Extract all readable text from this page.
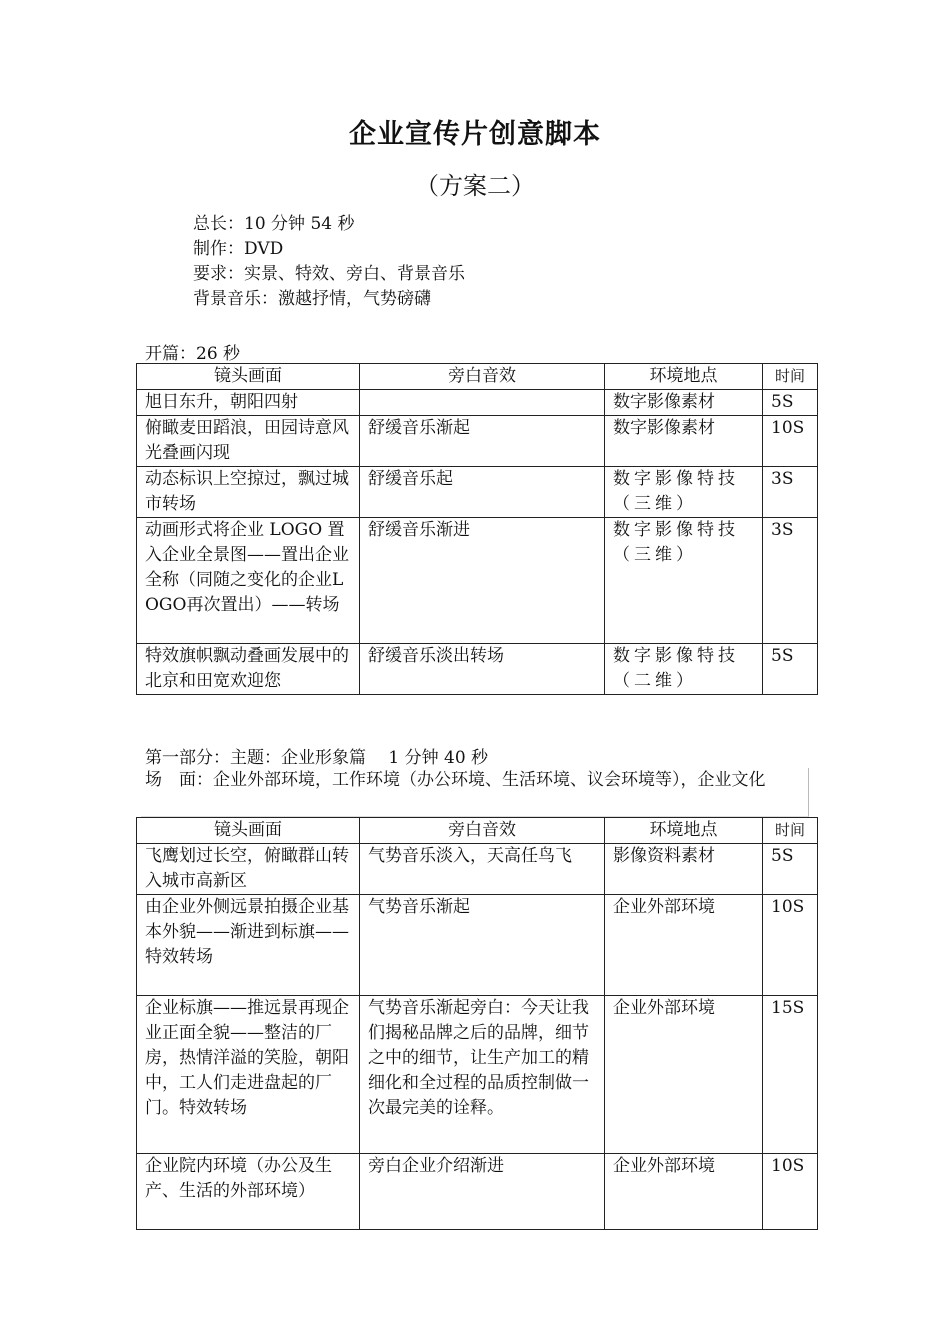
企业宣传片创意脚本
（方案二）
总长：10 分钟 54 秒
制作：DVD
要求：实景、特效、旁白、背景音乐
背景音乐：激越抒情，气势磅礴
开篇：26 秒
镜头画面	旁白音效	环境地点	时间
旭日东升，朝阳四射		数字影像素材	5S
俯瞰麦田蹈浪，田园诗意风光叠画闪现	舒缓音乐渐起	数字影像素材	10S
动态标识上空掠过，飘过城市转场	舒缓音乐起	数字影像特技（三维）	3S
动画形式将企业 LOGO 置入企业全景图——置出企业全称（同随之变化的企业LOGO再次置出）——转场	舒缓音乐渐进	数字影像特技（三维）	3S
特效旗帜飘动叠画发展中的北京和田宽欢迎您	舒缓音乐淡出转场	数字影像特技（二维）	5S
第一部分：主题：企业形象篇　 1 分钟 40 秒
场　面：企业外部环境，工作环境（办公环境、生活环境、议会环境等），企业文化
镜头画面	旁白音效	环境地点	时间
飞鹰划过长空，俯瞰群山转入城市高新区	气势音乐淡入，天高任鸟飞	影像资料素材	5S
由企业外侧远景拍摄企业基本外貌——渐进到标旗——特效转场	气势音乐渐起	企业外部环境	10S
企业标旗——推远景再现企业正面全貌——整洁的厂房，热情洋溢的笑脸，朝阳中，工人们走进盘起的厂门。特效转场	气势音乐渐起旁白：今天让我们揭秘品牌之后的品牌，细节之中的细节，让生产加工的精细化和全过程的品质控制做一次最完美的诠释。	企业外部环境	15S
企业院内环境（办公及生产、生活的外部环境）	旁白企业介绍渐进	企业外部环境	10S
